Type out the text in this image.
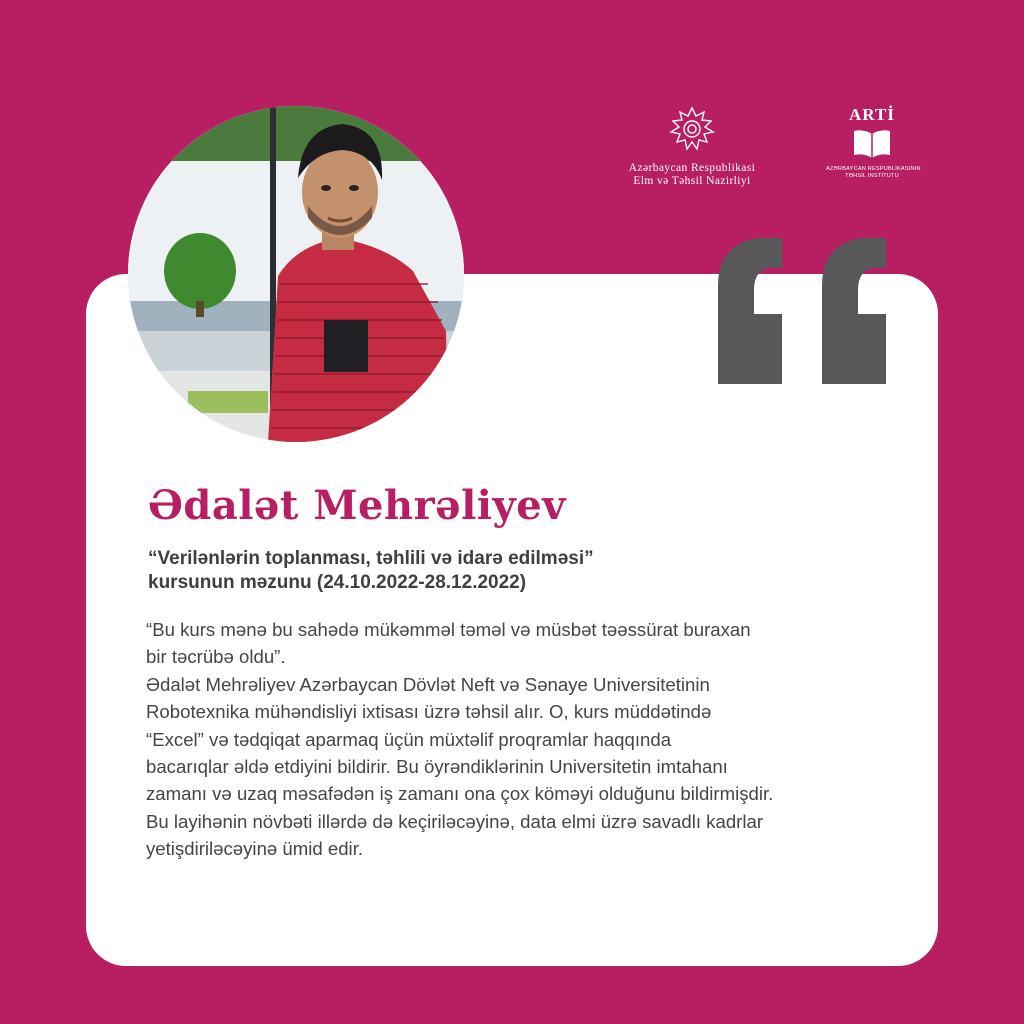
Azərbaycan Respublikasi
Elm və Təhsil Nazirliyi
ARTİ
AZƏRBAYCAN RESPUBLİKASININ
TƏHSİL İNSTİTUTU
Ədalət Mehrəliyev
“Verilənlərin toplanması, təhlili və idarə edilməsi”
kursunun məzunu (24.10.2022-28.12.2022)

“Bu kurs mənə bu sahədə mükəmməl təməl və müsbət təəssürat buraxan

bir təcrübə oldu”.

Ədalət Mehrəliyev Azərbaycan Dövlət Neft və Sənaye Universitetinin

Robotexnika mühəndisliyi ixtisası üzrə təhsil alır. O, kurs müddətində

“Excel” və tədqiqat aparmaq üçün müxtəlif proqramlar haqqında

bacarıqlar əldə etdiyini bildirir. Bu öyrəndiklərinin Universitetin imtahanı

zamanı və uzaq məsafədən iş zamanı ona çox köməyi olduğunu bildirmişdir.

Bu layihənin növbəti illərdə də keçiriləcəyinə, data elmi üzrə savadlı kadrlar

yetişdiriləcəyinə ümid edir.
